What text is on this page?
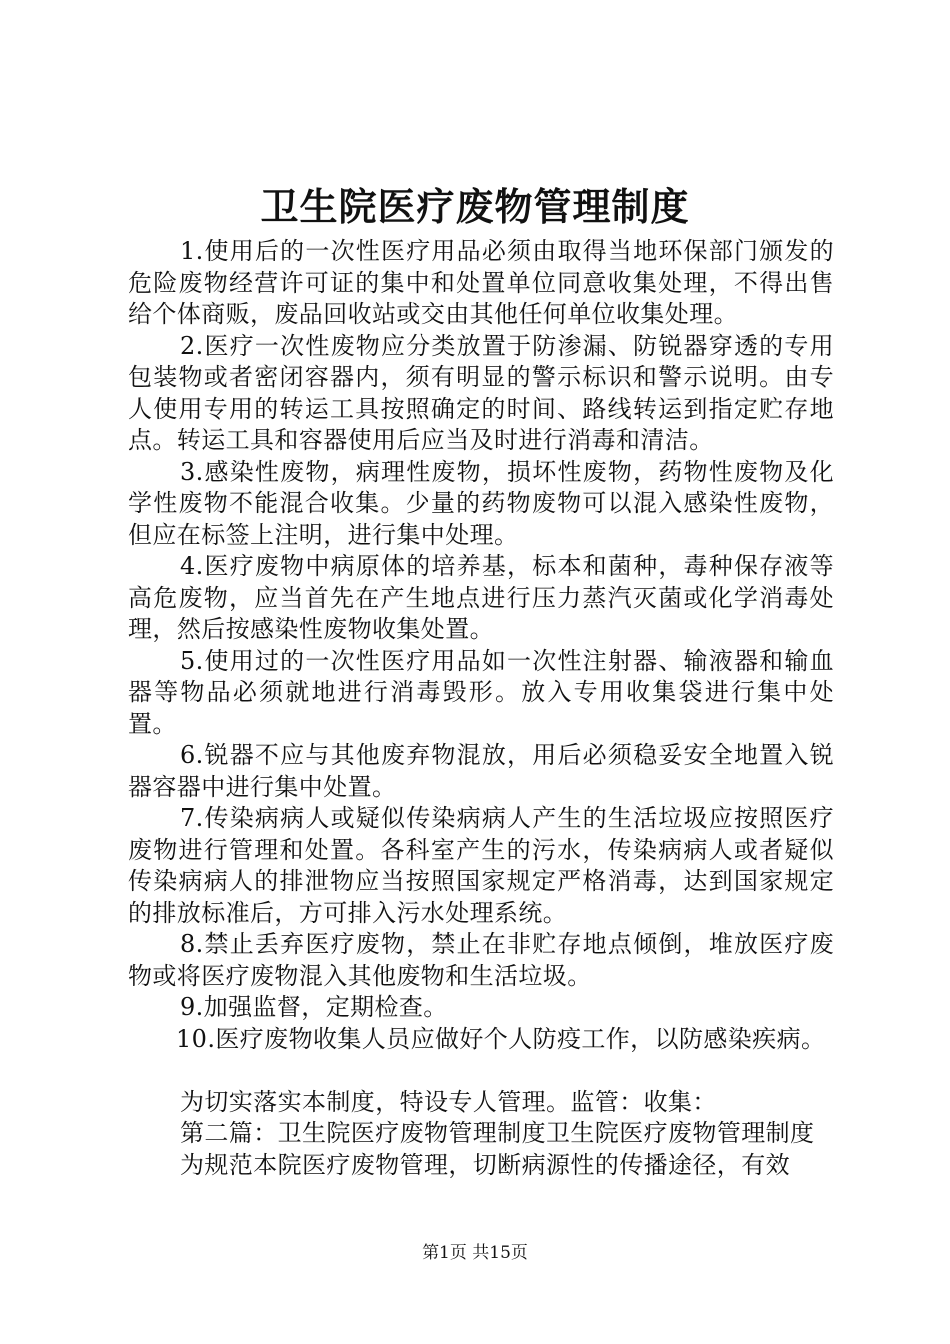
卫生院医疗废物管理制度

1.使用后的一次性医疗用品必须由取得当地环保部门颁发的危险废物经营许可证的集中和处置单位同意收集处理，不得出售给个体商贩，废品回收站或交由其他任何单位收集处理。

2.医疗一次性废物应分类放置于防渗漏、防锐器穿透的专用包装物或者密闭容器内，须有明显的警示标识和警示说明。由专人使用专用的转运工具按照确定的时间、路线转运到指定贮存地点。转运工具和容器使用后应当及时进行消毒和清洁。

3.感染性废物，病理性废物，损坏性废物，药物性废物及化学性废物不能混合收集。少量的药物废物可以混入感染性废物，但应在标签上注明，进行集中处理。

4.医疗废物中病原体的培养基，标本和菌种，毒种保存液等高危废物，应当首先在产生地点进行压力蒸汽灭菌或化学消毒处理，然后按感染性废物收集处置。

5.使用过的一次性医疗用品如一次性注射器、输液器和输血器等物品必须就地进行消毒毁形。放入专用收集袋进行集中处置。

6.锐器不应与其他废弃物混放，用后必须稳妥安全地置入锐器容器中进行集中处置。

7.传染病病人或疑似传染病病人产生的生活垃圾应按照医疗废物进行管理和处置。各科室产生的污水，传染病病人或者疑似传染病病人的排泄物应当按照国家规定严格消毒，达到国家规定的排放标准后，方可排入污水处理系统。

8.禁止丢弃医疗废物，禁止在非贮存地点倾倒，堆放医疗废物或将医疗废物混入其他废物和生活垃圾。

9.加强监督，定期检查。

10.医疗废物收集人员应做好个人防疫工作，以防感染疾病。

为切实落实本制度，特设专人管理。监管：收集：

第二篇：卫生院医疗废物管理制度卫生院医疗废物管理制度

为规范本院医疗废物管理，切断病源性的传播途径，有效

第1页 共15页
